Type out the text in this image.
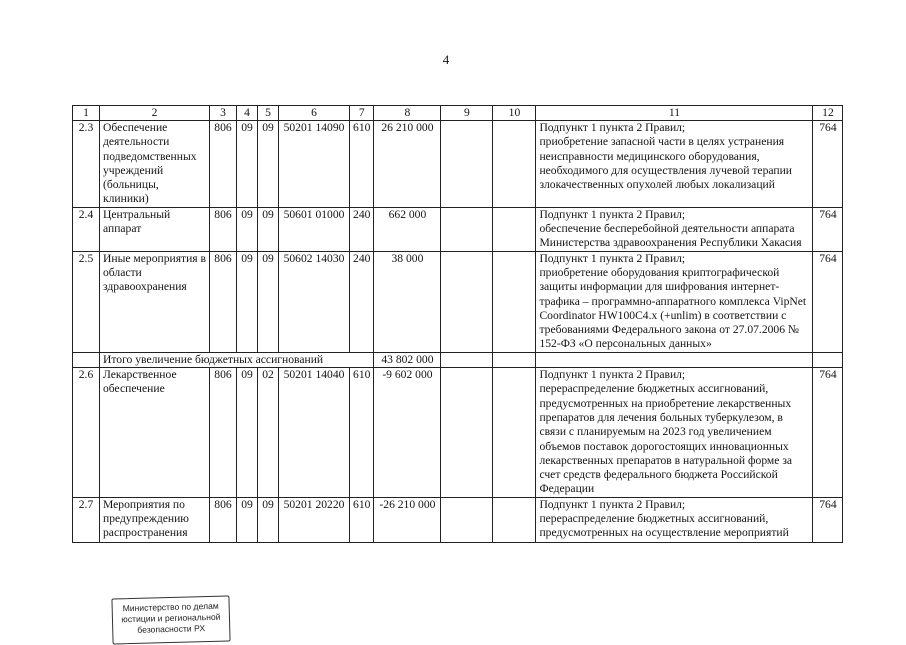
4
1	2	3	4	5	6	7	8	9	10	11	12
2.3	Обеспечение деятельности подведомственных учреждений (больницы, клиники)	806	09	09	50201 14090	610	26 210 000			Подпункт 1 пункта 2 Правил;
приобретение запасной части в целях устранения неисправности медицинского оборудования, необходимого для осуществления лучевой терапии злокачественных опухолей любых локализаций	764
2.4	Центральный аппарат	806	09	09	50601 01000	240	662 000			Подпункт 1 пункта 2 Правил;
обеспечение бесперебойной деятельности аппарата Министерства здравоохранения Республики Хакасия	764
2.5	Иные мероприятия в области здравоохранения	806	09	09	50602 14030	240	38 000			Подпункт 1 пункта 2 Правил;
приобретение оборудования криптографической защиты информации для шифрования интернет-трафика – программно-аппаратного комплекса VipNet Coordinator HW100C4.x (+unlim) в соответствии с требованиями Федерального закона от 27.07.2006 № 152-ФЗ «О персональных данных»	764
	Итого увеличение бюджетных ассигнований						43 802 000				
2.6	Лекарственное обеспечение	806	09	02	50201 14040	610	-9 602 000			Подпункт 1 пункта 2 Правил;
перераспределение бюджетных ассигнований, предусмотренных на приобретение лекарственных препаратов для лечения больных туберкулезом, в связи с планируемым на 2023 год увеличением объемов поставок дорогостоящих инновационных лекарственных препаратов в натуральной форме за счет средств федерального бюджета Российской Федерации	764

2.7	Мероприятия по предупреждению распространения	806	09	09	50201 20220	610	-26 210 000			Подпункт 1 пункта 2 Правил;
перераспределение бюджетных ассигнований, предусмотренных на осуществление мероприятий	764
Министерство по делам
юстиции и региональной
безопасности РХ
